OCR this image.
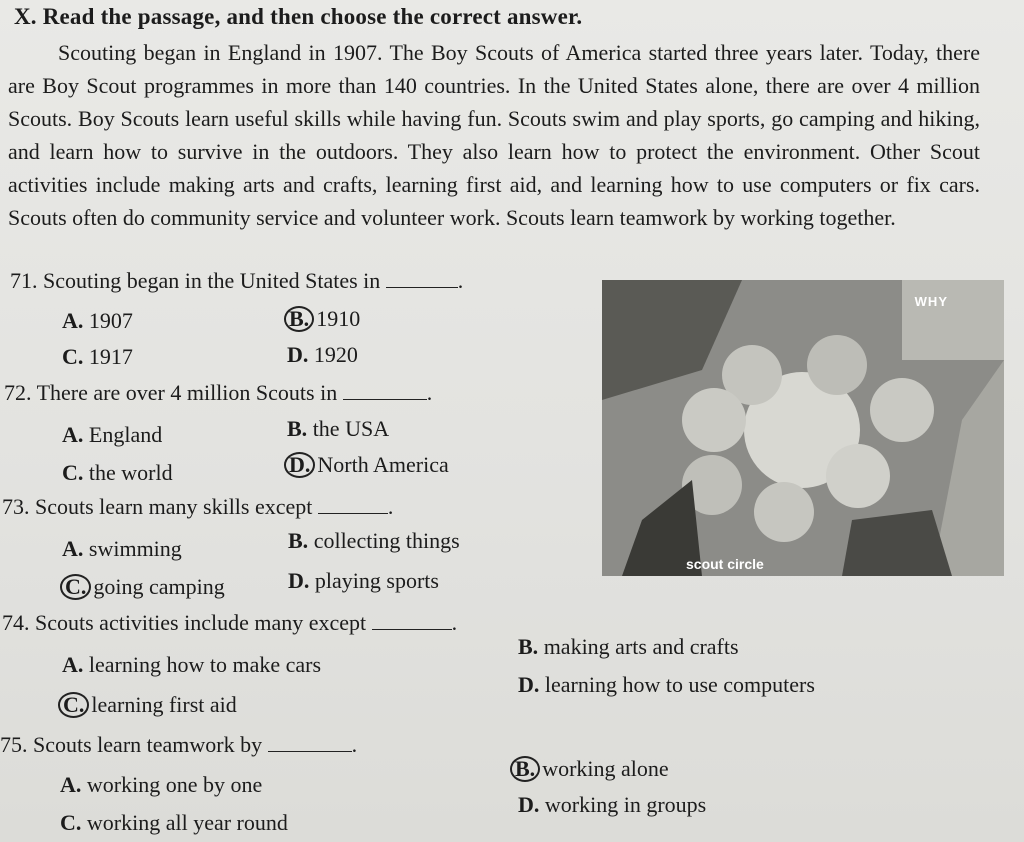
X. Read the passage, and then choose the correct answer.
Scouting began in England in 1907. The Boy Scouts of America started three years later. Today, there are Boy Scout programmes in more than 140 countries. In the United States alone, there are over 4 million Scouts. Boy Scouts learn useful skills while having fun. Scouts swim and play sports, go camping and hiking, and learn how to survive in the outdoors. They also learn how to protect the environment. Other Scout activities include making arts and crafts, learning first aid, and learning how to use computers or fix cars. Scouts often do community service and volunteer work. Scouts learn teamwork by working together.
71. Scouting began in the United States in	.
A. 1907	B. 1910
C. 1917	D. 1920
72. There are over 4 million Scouts in	.
A. England	B. the USA
C. the world	D. North America
73. Scouts learn many skills except	.
A. swimming	B. collecting things
C. going camping	D. playing sports
74. Scouts activities include many except	.
A. learning how to make cars
B. making arts and crafts
C. learning first aid
D. learning how to use computers
75. Scouts learn teamwork by	.
A. working one by one
B. working alone
C. working all year round
D. working in groups
WHY
scout circle
